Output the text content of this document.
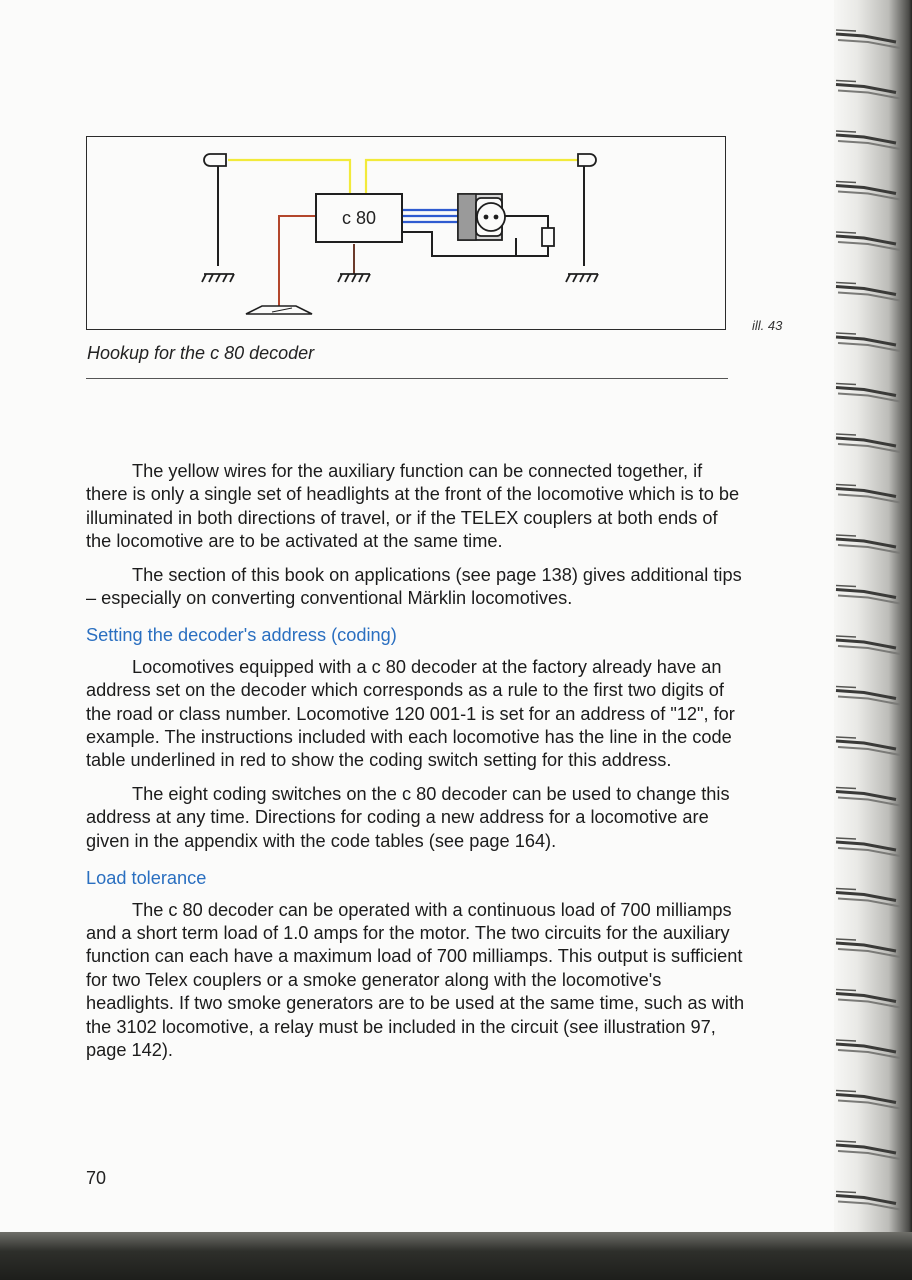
c 80
ill. 43
Hookup for the c 80 decoder

The yellow wires for the auxiliary function can be connected together, if there is only a single set of headlights at the front of the locomotive which is to be illuminated in both directions of travel, or if the TELEX couplers at both ends of the locomotive are to be activated at the same time.

The section of this book on applications (see page 138) gives additional tips – especially on converting conventional Märklin locomotives.

Setting the decoder's address (coding)

Locomotives equipped with a c 80 decoder at the factory already have an address set on the decoder which corresponds as a rule to the first two digits of the road or class number. Locomotive 120 001-1 is set for an address of "12", for example. The instructions included with each locomotive has the line in the code table underlined in red to show the coding switch setting for this address.

The eight coding switches on the c 80 decoder can be used to change this address at any time. Directions for coding a new address for a locomotive are given in the appendix with the code tables (see page 164).

Load tolerance

The c 80 decoder can be operated with a continuous load of 700 milliamps and a short term load of 1.0 amps for the motor. The two circuits for the auxiliary function can each have a maximum load of 700 milliamps. This output is sufficient for two Telex couplers or a smoke generator along with the locomotive's headlights. If two smoke generators are to be used at the same time, such as with the 3102 locomotive, a relay must be included in the circuit (see illustration 97, page 142).

70
